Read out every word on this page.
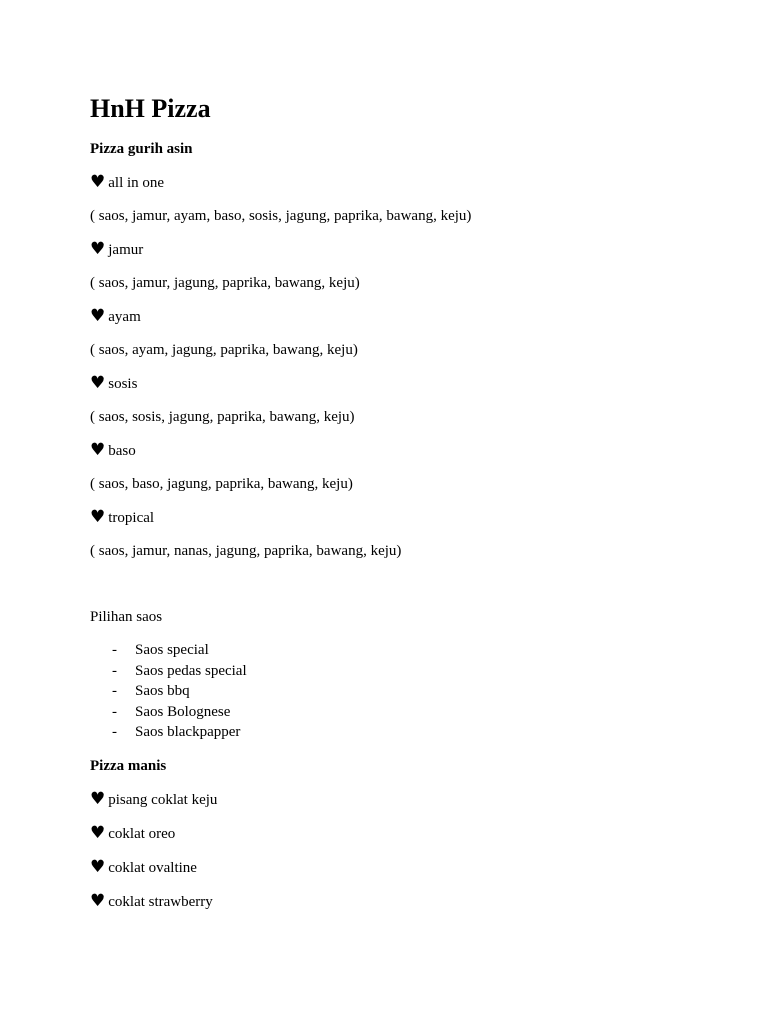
HnH Pizza
Pizza gurih asin
♥ all in one
( saos, jamur, ayam, baso, sosis, jagung, paprika, bawang, keju)
♥ jamur
( saos, jamur, jagung, paprika, bawang, keju)
♥ ayam
( saos, ayam, jagung, paprika, bawang, keju)
♥ sosis
( saos, sosis, jagung, paprika, bawang, keju)
♥ baso
( saos, baso, jagung, paprika, bawang, keju)
♥ tropical
( saos, jamur, nanas, jagung, paprika, bawang, keju)
Pilihan saos
- Saos special
- Saos pedas special
- Saos bbq
- Saos Bolognese
- Saos blackpapper
Pizza manis
♥ pisang coklat keju
♥ coklat oreo
♥ coklat ovaltine
♥ coklat strawberry
